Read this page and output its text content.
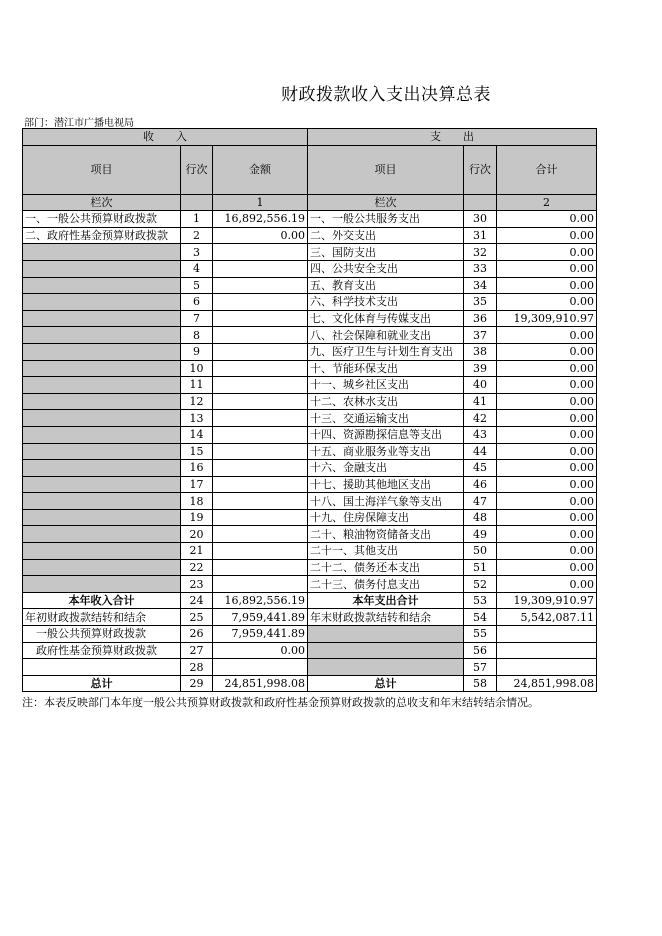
财政拨款收入支出决算总表
部门：潜江市广播电视局
收　　入			支　　出		
项目	行次	金额	项目	行次	合计
栏次		1	栏次		2
一、一般公共预算财政拨款	1	16,892,556.19	一、一般公共服务支出	30	0.00
二、政府性基金预算财政拨款	2	0.00	二、外交支出	31	0.00
	3		三、国防支出	32	0.00
	4		四、公共安全支出	33	0.00
	5		五、教育支出	34	0.00
	6		六、科学技术支出	35	0.00
	7		七、文化体育与传媒支出	36	19,309,910.97
	8		八、社会保障和就业支出	37	0.00
	9		九、医疗卫生与计划生育支出	38	0.00
	10		十、节能环保支出	39	0.00
	11		十一、城乡社区支出	40	0.00
	12		十二、农林水支出	41	0.00
	13		十三、交通运输支出	42	0.00
	14		十四、资源勘探信息等支出	43	0.00
	15		十五、商业服务业等支出	44	0.00
	16		十六、金融支出	45	0.00
	17		十七、援助其他地区支出	46	0.00
	18		十八、国土海洋气象等支出	47	0.00
	19		十九、住房保障支出	48	0.00
	20		二十、粮油物资储备支出	49	0.00
	21		二十一、其他支出	50	0.00
	22		二十二、债务还本支出	51	0.00
	23		二十三、债务付息支出	52	0.00
本年收入合计	24	16,892,556.19	本年支出合计	53	19,309,910.97
年初财政拨款结转和结余	25	7,959,441.89	年末财政拨款结转和结余	54	5,542,087.11
　一般公共预算财政拨款	26	7,959,441.89		55	
　政府性基金预算财政拨款	27	0.00		56	
	28			57	
总计	29	24,851,998.08	总计	58	24,851,998.08
注：本表反映部门本年度一般公共预算财政拨款和政府性基金预算财政拨款的总收支和年末结转结余情况。
